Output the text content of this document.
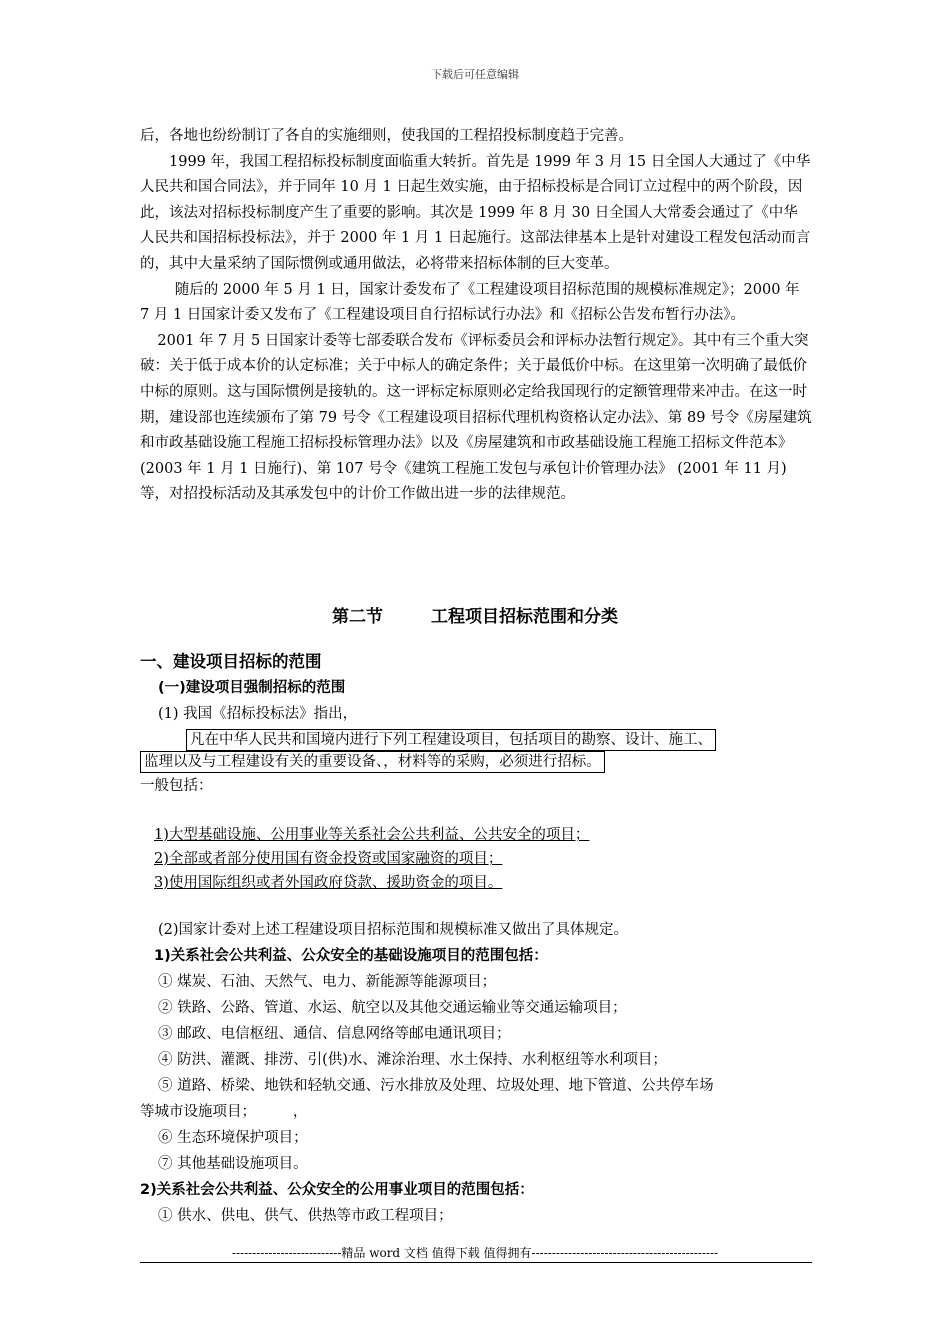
下载后可任意编辑

后，各地也纷纷制订了各自的实施细则，使我国的工程招投标制度趋于完善。

1999 年，我国工程招标投标制度面临重大转折。首先是 1999 年 3 月 15 日全国人大通过了《中华人民共和国合同法》，并于同年 10 月 1 日起生效实施，由于招标投标是合同订立过程中的两个阶段，因此，该法对招标投标制度产生了重要的影响。其次是 1999 年 8 月 30 日全国人大常委会通过了《中华人民共和国招标投标法》，并于 2000 年 1 月 1 日起施行。这部法律基本上是针对建设工程发包活动而言的，其中大量采纳了国际惯例或通用做法，必将带来招标体制的巨大变革。

随后的 2000 年 5 月 1 日，国家计委发布了《工程建设项目招标范围的规模标准规定》；2000 年 7 月 1 日国家计委又发布了《工程建设项目自行招标试行办法》和《招标公告发布暂行办法》。

2001 年 7 月 5 日国家计委等七部委联合发布《评标委员会和评标办法暂行规定》。其中有三个重大突破：关于低于成本价的认定标准；关于中标人的确定条件；关于最低价中标。在这里第一次明确了最低价中标的原则。这与国际惯例是接轨的。这一评标定标原则必定给我国现行的定额管理带来冲击。在这一时期，建设部也连续颁布了第 79 号令《工程建设项目招标代理机构资格认定办法》、第 89 号令《房屋建筑和市政基础设施工程施工招标投标管理办法》以及《房屋建筑和市政基础设施工程施工招标文件范本》 (2003 年 1 月 1 日施行)、第 107 号令《建筑工程施工发包与承包计价管理办法》 (2001 年 11 月)等，对招投标活动及其承发包中的计价工作做出进一步的法律规范。

第二节	工程项目招标范围和分类
一、建设项目招标的范围

(一)建设项目强制招标的范围

(1) 我国《招标投标法》指出，

凡在中华人民共和国境内进行下列工程建设项目，包括项目的勘察、设计、施工、

监理以及与工程建设有关的重要设备、，材料等的采购，必须进行招标。

一般包括：

1)大型基础设施、公用事业等关系社会公共利益、公共安全的项目；

2)全部或者部分使用国有资金投资或国家融资的项目；

3)使用国际组织或者外国政府贷款、援助资金的项目。

(2)国家计委对上述工程建设项目招标范围和规模标准又做出了具体规定。

1)关系社会公共利益、公众安全的基础设施项目的范围包括：

① 煤炭、石油、天然气、电力、新能源等能源项目；

② 铁路、公路、管道、水运、航空以及其他交通运输业等交通运输项目；

③ 邮政、电信枢纽、通信、信息网络等邮电通讯项目；

④ 防洪、灌溉、排涝、引(供)水、滩涂治理、水土保持、水利枢纽等水利项目；

⑤ 道路、桥梁、地铁和轻轨交通、污水排放及处理、垃圾处理、地下管道、公共停车场

等城市设施项目；        ，

⑥ 生态环境保护项目；

⑦ 其他基础设施项目。

2)关系社会公共利益、公众安全的公用事业项目的范围包括：

① 供水、供电、供气、供热等市政工程项目；

---------------------------精品 word 文档 值得下载 值得拥有----------------------------------------------
